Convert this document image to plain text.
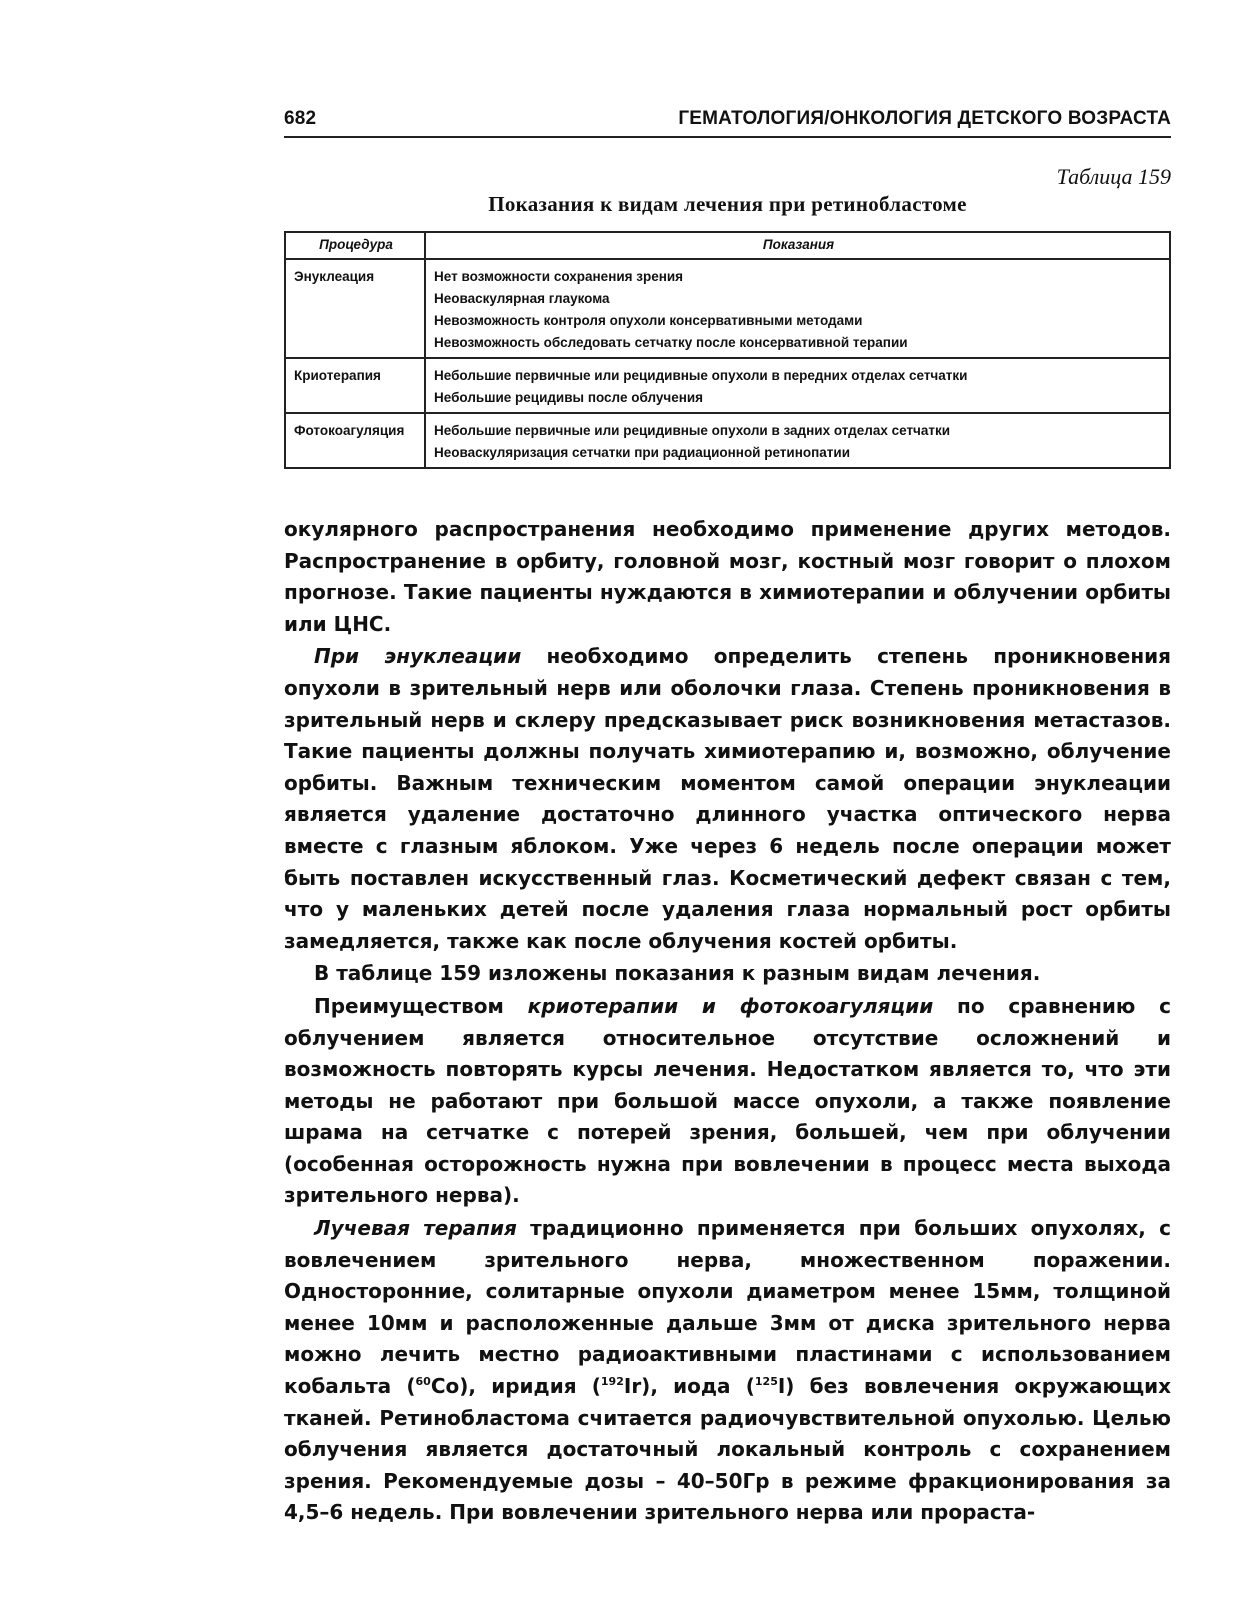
682	ГЕМАТОЛОГИЯ/ОНКОЛОГИЯ ДЕТСКОГО ВОЗРАСТА
Таблица 159
Показания к видам лечения при ретинобластоме
Процедура	Показания
Энуклеация	Нет возможности сохранения зрения
Неоваскулярная глаукома
Невозможность контроля опухоли консервативными методами
Невозможность обследовать сетчатку после консервативной терапии

Криотерапия	Небольшие первичные или рецидивные опухоли в передних отделах сетчатки
Небольшие рецидивы после облучения

Фотокоагуляция	Небольшие первичные или рецидивные опухоли в задних отделах сетчатки
Неоваскуляризация сетчатки при радиационной ретинопатии

окулярного распространения необходимо применение других методов. Распространение в орбиту, головной мозг, костный мозг говорит о плохом прогнозе. Такие пациенты нуждаются в химиотерапии и облучении орбиты или ЦНС.

При энуклеации необходимо определить степень проникновения опухоли в зрительный нерв или оболочки глаза. Степень проникновения в зрительный нерв и склеру предсказывает риск возникновения метастазов. Такие пациенты должны получать химиотерапию и, возможно, облучение орбиты. Важным техническим моментом самой операции энуклеации является удаление достаточно длинного участка оптического нерва вместе с глазным яблоком. Уже через 6 недель после операции может быть поставлен искусственный глаз. Косметический дефект связан с тем, что у маленьких детей после удаления глаза нормальный рост орбиты замедляется, также как после облучения костей орбиты.

В таблице 159 изложены показания к разным видам лечения.

Преимуществом криотерапии и фотокоагуляции по сравнению с облучением является относительное отсутствие осложнений и возможность повторять курсы лечения. Недостатком является то, что эти методы не работают при большой массе опухоли, а также появление шрама на сетчатке с потерей зрения, большей, чем при облучении (особенная осторожность нужна при вовлечении в процесс места выхода зрительного нерва).

Лучевая терапия традиционно применяется при больших опухолях, с вовлечением зрительного нерва, множественном поражении. Односторонние, солитарные опухоли диаметром менее 15мм, толщиной менее 10мм и расположенные дальше 3мм от диска зрительного нерва можно лечить местно радиоактивными пластинами с использованием кобальта ($^{60}$Co), иридия ($^{192}$Ir), иода ($^{125}$I) без вовлечения окружающих тканей. Ретинобластома считается радиочувствительной опухолью. Целью облучения является достаточный локальный контроль с сохранением зрения. Рекомендуемые дозы – 40–50Гр в режиме фракционирования за 4,5–6 недель. При вовлечении зрительного нерва или прораста-
